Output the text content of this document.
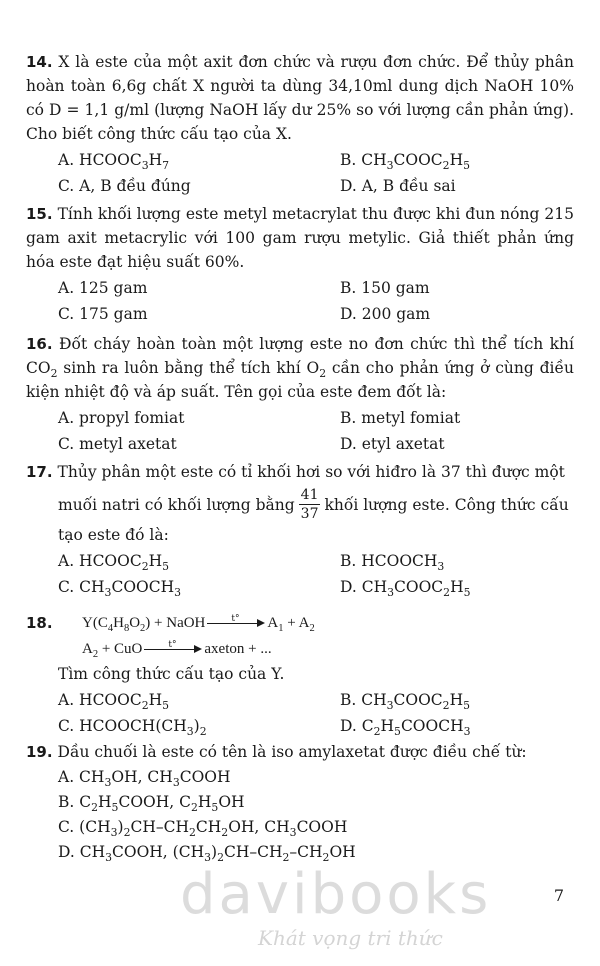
14. X là este của một axit đơn chức và rượu đơn chức. Để thủy phân hoàn toàn 6,6g chất X người ta dùng 34,10ml dung dịch NaOH 10% có D = 1,1 g/ml (lượng NaOH lấy dư 25% so với lượng cần phản ứng). Cho biết công thức cấu tạo của X.
A. $HCOOC_3H_7$	B. $CH_3COOC_2H_5$
C. A, B đều đúng	D. A, B đều sai
15. Tính khối lượng este metyl metacrylat thu được khi đun nóng 215 gam axit metacrylic với 100 gam rượu metylic. Giả thiết phản ứng hóa este đạt hiệu suất 60%.
A. 125 gam	B. 150 gam
C. 175 gam	D. 200 gam
16. Đốt cháy hoàn toàn một lượng este no đơn chức thì thể tích khí $CO_2$ sinh ra luôn bằng thể tích khí $O_2$ cần cho phản ứng ở cùng điều kiện nhiệt độ và áp suất. Tên gọi của este đem đốt là:
A. propyl fomiat	B. metyl fomiat
C. metyl axetat	D. etyl axetat
17. Thủy phân một este có tỉ khối hơi so với hiđro là 37 thì được một
muối natri có khối lượng bằng $\frac{41}{37}$ khối lượng este. Công thức cấu
tạo este đó là:
A. $HCOOC_2H_5$	B. $HCOOCH_3$
C. $CH_3COOCH_3$	D. $CH_3COOC_2H_5$
18.	$Y(C_4H_8O_2)$ + NaOH	t° $A_1 + A_2$
$A_2$ + CuO	t° axeton + ...
Tìm công thức cấu tạo của Y.
A. $HCOOC_2H_5$	B. $CH_3COOC_2H_5$
C. $HCOOCH(CH_3)_2$	D. $C_2H_5COOCH_3$
19. Dầu chuối là este có tên là iso amylaxetat được điều chế từ:
A. $CH_3OH$, $CH_3COOH$
B. $C_2H_5COOH$, $C_2H_5OH$
C. $(CH_3)_2CH-CH_2CH_2OH$, $CH_3COOH$
D. $CH_3COOH$, $(CH_3)_2CH-CH_2-CH_2OH$
davibooks
Khát vọng tri thức
7
